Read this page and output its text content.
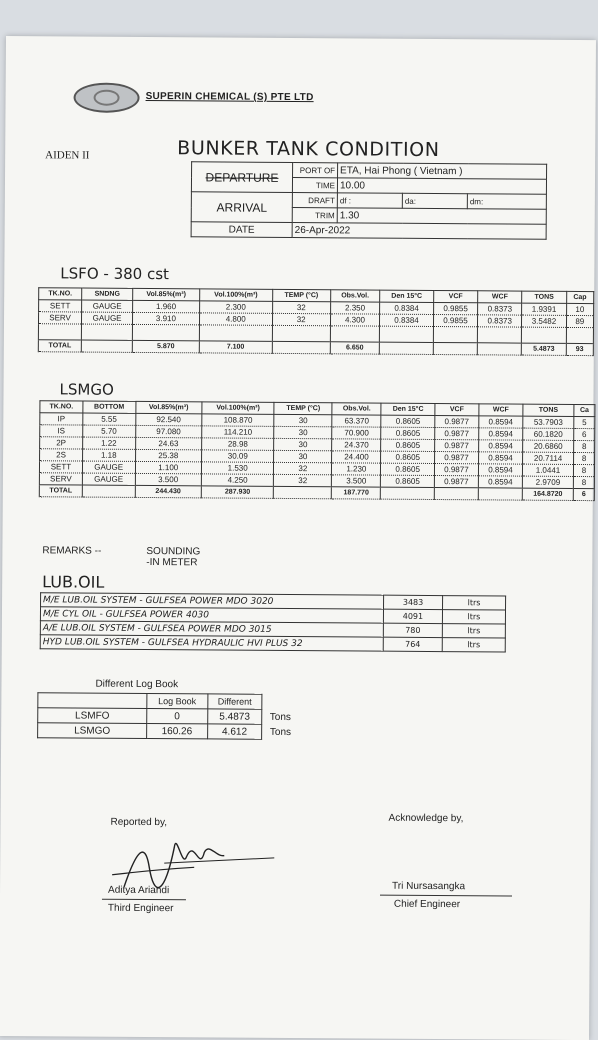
SUPERIN CHEMICAL (S) PTE LTD
AIDEN II	BUNKER TANK CONDITION
DEPARTURE	PORT OF	ETA, Hai Phong ( Vietnam )		
	TIME	10.00		
ARRIVAL	DRAFT	df :	da:	dm:
	TRIM	1.30		
DATE	26-Apr-2022			
LSFO - 380 cst
TK.NO.	SNDNG	Vol.85%(m³)	Vol.100%(m³)	TEMP (°C)	Obs.Vol.	Den 15°C	VCF	WCF	TONS	Cap
SETT	GAUGE	1.960	2.300	32	2.350	0.8384	0.9855	0.8373	1.9391	10
SERV	GAUGE	3.910	4.800	32	4.300	0.8384	0.9855	0.8373	3.5482	89

TOTAL		5.870	7.100		6.650				5.4873	93
LSMGO
TK.NO.	BOTTOM	Vol.85%(m³)	Vol.100%(m³)	TEMP (°C)	Obs.Vol.	Den 15°C	VCF	WCF	TONS	Ca
IP	5.55	92.540	108.870	30	63.370	0.8605	0.9877	0.8594	53.7903	5
IS	5.70	97.080	114.210	30	70.900	0.8605	0.9877	0.8594	60.1820	6
2P	1.22	24.63	28.98	30	24.370	0.8605	0.9877	0.8594	20.6860	8
2S	1.18	25.38	30.09	30	24.400	0.8605	0.9877	0.8594	20.7114	8
SETT	GAUGE	1.100	1.530	32	1.230	0.8605	0.9877	0.8594	1.0441	8
SERV	GAUGE	3.500	4.250	32	3.500	0.8605	0.9877	0.8594	2.9709	8
TOTAL		244.430	287.930		187.770				164.8720	6
REMARKS --	SOUNDING -IN METER
LUB.OIL
M/E LUB.OIL SYSTEM - GULFSEA POWER MDO 3020	3483	ltrs
M/E CYL OIL - GULFSEA POWER 4030	4091	ltrs
A/E LUB.OIL SYSTEM - GULFSEA POWER MDO 3015	780	ltrs
HYD LUB.OIL SYSTEM - GULFSEA HYDRAULIC HVI PLUS 32	764	ltrs
Different Log Book
	Log Book	Different	
LSMFO	0	5.4873	Tons
LSMGO	160.26	4.612	Tons
Reported by,
Aditya Ariandi
Third Engineer
Acknowledge by,
Tri Nursasangka
Chief Engineer
